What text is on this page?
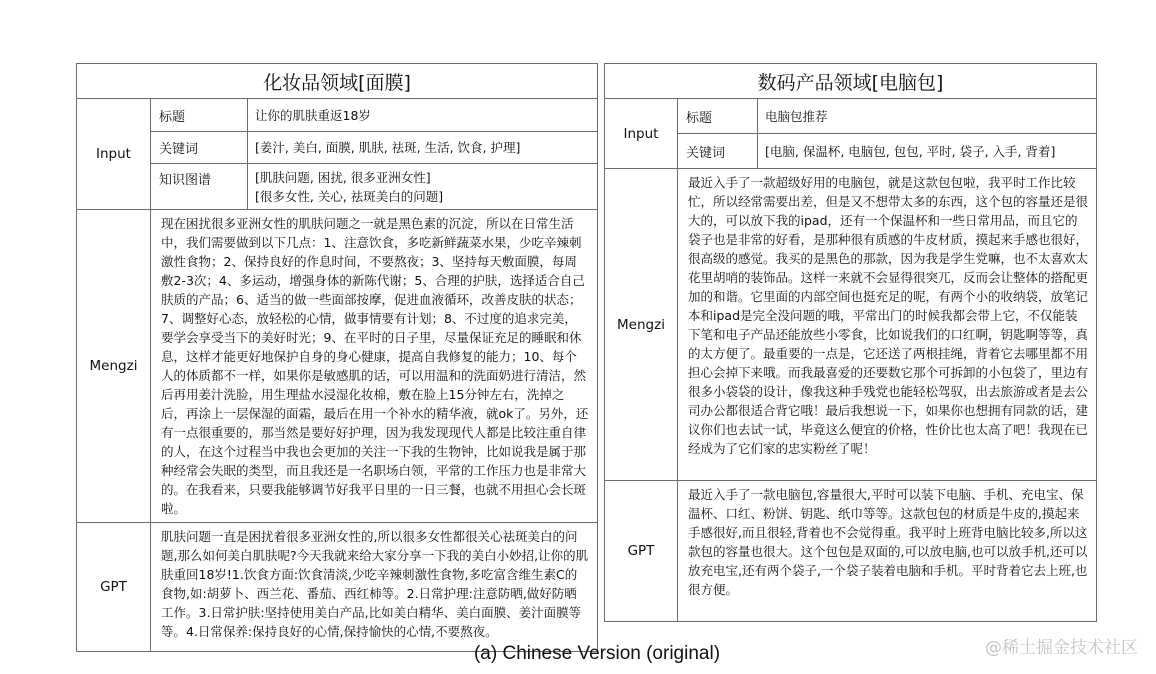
化妆品领域[面膜]		
Input	标题	让你的肌肤重返18岁
	关键词	[姜汁, 美白, 面膜, 肌肤, 祛斑, 生活, 饮食, 护理]
	知识图谱	[肌肤问题, 困扰, 很多亚洲女性]
[很多女性, 关心, 祛斑美白的问题]

Mengzi	现在困扰很多亚洲女性的肌肤问题之一就是黑色素的沉淀，所以在日常生活中，我们需要做到以下几点：1、注意饮食，多吃新鲜蔬菜水果，少吃辛辣刺激性食物；2、保持良好的作息时间，不要熬夜；3、坚持每天敷面膜，每周敷2-3次；4、多运动，增强身体的新陈代谢；5、合理的护肤，选择适合自己肤质的产品；6、适当的做一些面部按摩，促进血液循环，改善皮肤的状态；7、调整好心态，放轻松的心情，做事情要有计划；8、不过度的追求完美，要学会享受当下的美好时光；9、在平时的日子里，尽量保证充足的睡眠和休息，这样才能更好地保护自身的身心健康，提高自我修复的能力；10、每个人的体质都不一样，如果你是敏感肌的话，可以用温和的洗面奶进行清洁，然后再用姜汁洗脸，用生理盐水浸湿化妆棉，敷在脸上15分钟左右，洗掉之后，再涂上一层保湿的面霜，最后在用一个补水的精华液，就ok了。另外，还有一点很重要的，那当然是要好好护理，因为我发现现代人都是比较注重自律的人，在这个过程当中我也会更加的关注一下我的生物钟，比如说我是属于那种经常会失眠的类型，而且我还是一名职场白领，平常的工作压力也是非常大的。在我看来，只要我能够调节好我平日里的一日三餐，也就不用担心会长斑啦。	
GPT	肌肤问题一直是困扰着很多亚洲女性的,所以很多女性都很关心祛斑美白的问题,那么如何美白肌肤呢?今天我就来给大家分享一下我的美白小妙招,让你的肌肤重回18岁!1.饮食方面:饮食清淡,少吃辛辣刺激性食物,多吃富含维生素C的食物,如:胡萝卜、西兰花、番茄、西红柿等。2.日常护理:注意防晒,做好防晒工作。3.日常护肤:坚持使用美白产品,比如美白精华、美白面膜、姜汁面膜等等。4.日常保养:保持良好的心情,保持愉快的心情,不要熬夜。	
数码产品领域[电脑包]		
Input	标题	电脑包推荐
	关键词	[电脑, 保温杯, 电脑包, 包包, 平时, 袋子, 入手, 背着]
Mengzi	最近入手了一款超级好用的电脑包，就是这款包包啦，我平时工作比较忙，所以经常需要出差，但是又不想带太多的东西，这个包的容量还是很大的，可以放下我的ipad，还有一个保温杯和一些日常用品，而且它的袋子也是非常的好看，是那种很有质感的牛皮材质，摸起来手感也很好，很高级的感觉。我买的是黑色的那款，因为我是学生党嘛，也不太喜欢太花里胡哨的装饰品。这样一来就不会显得很突兀，反而会让整体的搭配更加的和谐。它里面的内部空间也挺充足的呢，有两个小的收纳袋，放笔记本和ipad是完全没问题的哦，平常出门的时候我都会带上它，不仅能装下笔和电子产品还能放些小零食，比如说我们的口红啊，钥匙啊等等，真的太方便了。最重要的一点是，它还送了两根挂绳，背着它去哪里都不用担心会掉下来哦。而我最喜爱的还要数它那个可拆卸的小包袋了，里边有很多小袋袋的设计，像我这种手残党也能轻松驾驭，出去旅游或者是去公司办公都很适合背它哦！最后我想说一下，如果你也想拥有同款的话，建议你们也去试一试，毕竟这么便宜的价格，性价比也太高了吧！我现在已经成为了它们家的忠实粉丝了呢！	
GPT	最近入手了一款电脑包,容量很大,平时可以装下电脑、手机、充电宝、保温杯、口红、粉饼、钥匙、纸巾等等。这款包包的材质是牛皮的,摸起来手感很好,而且很轻,背着也不会觉得重。我平时上班背电脑比较多,所以这款包的容量也很大。这个包包是双面的,可以放电脑,也可以放手机,还可以放充电宝,还有两个袋子,一个袋子装着电脑和手机。平时背着它去上班,也很方便。	
(a) Chinese Version (original)	@稀土掘金技术社区
